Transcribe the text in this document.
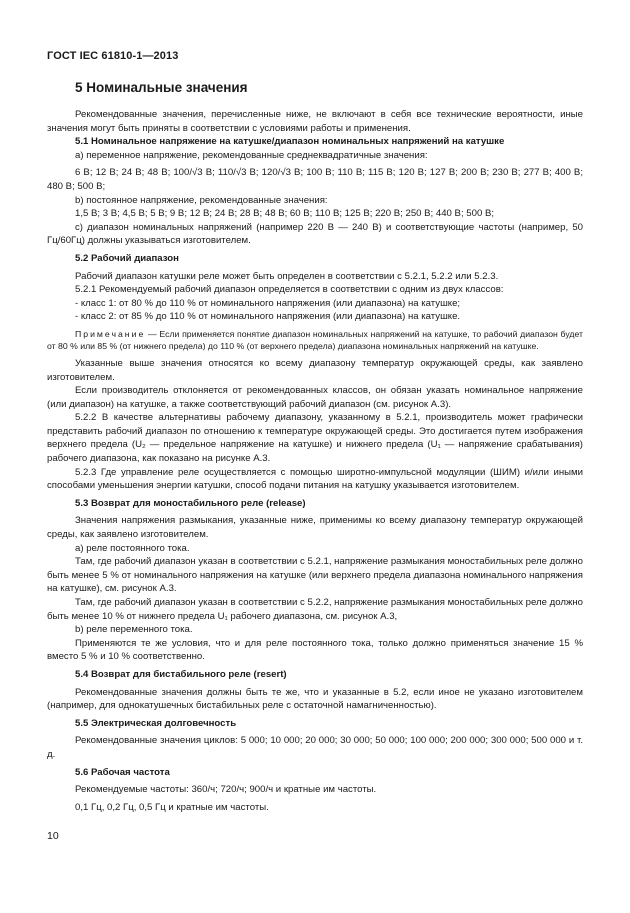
ГОСТ IEC 61810-1—2013
5 Номинальные значения
Рекомендованные значения, перечисленные ниже, не включают в себя все технические вероятности, иные значения могут быть приняты в соответствии с условиями работы и применения.
5.1 Номинальное напряжение на катушке/диапазон номинальных напряжений на катушке
а) переменное напряжение, рекомендованные среднеквадратичные значения:
6 В; 12 В; 24 В; 48 В; 100/√3 В; 110/√3 В; 120/√3 В; 100 В; 110 В; 115 В; 120 В; 127 В; 200 В; 230 В; 277 В; 400 В; 480 В; 500 В;
b) постоянное напряжение, рекомендованные значения:
1,5 В; 3 В; 4,5 В; 5 В; 9 В; 12 В; 24 В; 28 В; 48 В; 60 В; 110 В; 125 В; 220 В; 250 В; 440 В; 500 В;
c) диапазон номинальных напряжений (например 220 В — 240 В) и соответствующие частоты (например, 50 Гц/60Гц) должны указываться изготовителем.
5.2 Рабочий диапазон
Рабочий диапазон катушки реле может быть определен в соответствии с 5.2.1, 5.2.2 или 5.2.3.
5.2.1 Рекомендуемый рабочий диапазон определяется в соответствии с одним из двух классов:
- класс 1: от 80 % до 110 % от номинального напряжения (или диапазона) на катушке;
- класс 2: от 85 % до 110 % от номинального напряжения (или диапазона) на катушке.
Примечание — Если применяется понятие диапазон номинальных напряжений на катушке, то рабочий диапазон будет от 80 % или 85 % (от нижнего предела) до 110 % (от верхнего предела) диапазона номинальных напряжений на катушке.
Указанные выше значения относятся ко всему диапазону температур окружающей среды, как заявлено изготовителем.
Если производитель отклоняется от рекомендованных классов, он обязан указать номинальное напряжение (или диапазон) на катушке, а также соответствующий рабочий диапазон (см. рисунок А.3).
5.2.2 В качестве альтернативы рабочему диапазону, указанному в 5.2.1, производитель может графически представить рабочий диапазон по отношению к температуре окружающей среды. Это достигается путем изображения верхнего предела (U₂ — предельное напряжение на катушке) и нижнего предела (U₁ — напряжение срабатывания) рабочего диапазона, как показано на рисунке А.3.
5.2.3 Где управление реле осуществляется с помощью широтно-импульсной модуляции (ШИМ) и/или иными способами уменьшения энергии катушки, способ подачи питания на катушку указывается изготовителем.
5.3 Возврат для моностабильного реле (release)
Значения напряжения размыкания, указанные ниже, применимы ко всему диапазону температур окружающей среды, как заявлено изготовителем.
а) реле постоянного тока.
Там, где рабочий диапазон указан в соответствии с 5.2.1, напряжение размыкания моностабильных реле должно быть менее 5 % от номинального напряжения на катушке (или верхнего предела диапазона номинального напряжения на катушке), см. рисунок А.3.
Там, где рабочий диапазон указан в соответствии с 5.2.2, напряжение размыкания моностабильных реле должно быть менее 10 % от нижнего предела U₁ рабочего диапазона, см. рисунок А.3,
b) реле переменного тока.
Применяются те же условия, что и для реле постоянного тока, только должно применяться значение 15 % вместо 5 % и 10 % соответственно.
5.4 Возврат для бистабильного реле (resert)
Рекомендованные значения должны быть те же, что и указанные в 5.2, если иное не указано изготовителем (например, для однокатушечных бистабильных реле с остаточной намагниченностью).
5.5 Электрическая долговечность
Рекомендованные значения циклов: 5 000; 10 000; 20 000; 30 000; 50 000; 100 000; 200 000; 300 000; 500 000 и т. д.
5.6 Рабочая частота
Рекомендуемые частоты: 360/ч; 720/ч; 900/ч и кратные им частоты.
0,1 Гц, 0,2 Гц, 0,5 Гц и кратные им частоты.
10
